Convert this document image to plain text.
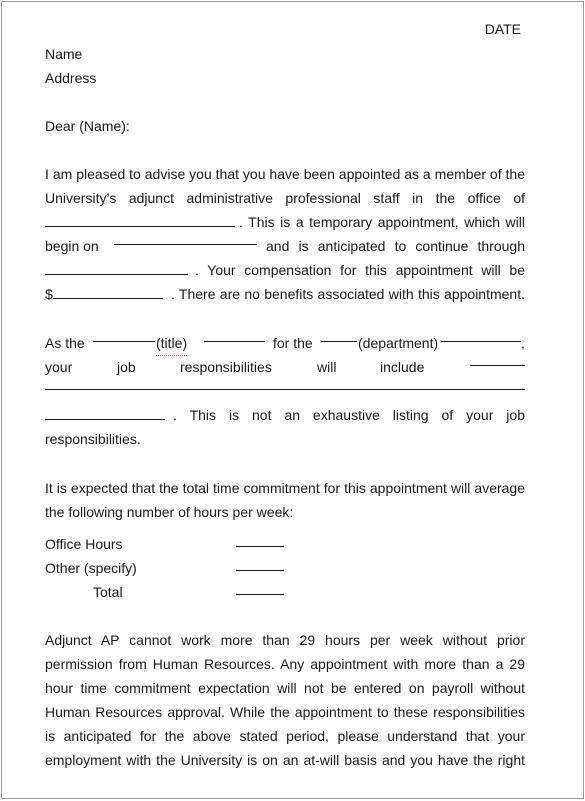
DATE
Name
Address
Dear (Name):
I am pleased to advise you that you have been appointed as a member of the
University’s adjunct administrative professional staff in the office of
. This is a temporary appointment, which will
begin on	and is anticipated to continue through
. Your compensation for this appointment will be
$	. There are no benefits associated with this appointment.
As the	(title)	for the	(department)	,
your	job	responsibilities	will	include
. This is not an exhaustive listing of your job
responsibilities.
It is expected that the total time commitment for this appointment will average
the following number of hours per week:
Office Hours
Other (specify)
Total
Adjunct AP cannot work more than 29 hours per week without prior
permission from Human Resources. Any appointment with more than a 29
hour time commitment expectation will not be entered on payroll without
Human Resources approval. While the appointment to these responsibilities
is anticipated for the above stated period, please understand that your
employment with the University is on an at-will basis and you have the right
